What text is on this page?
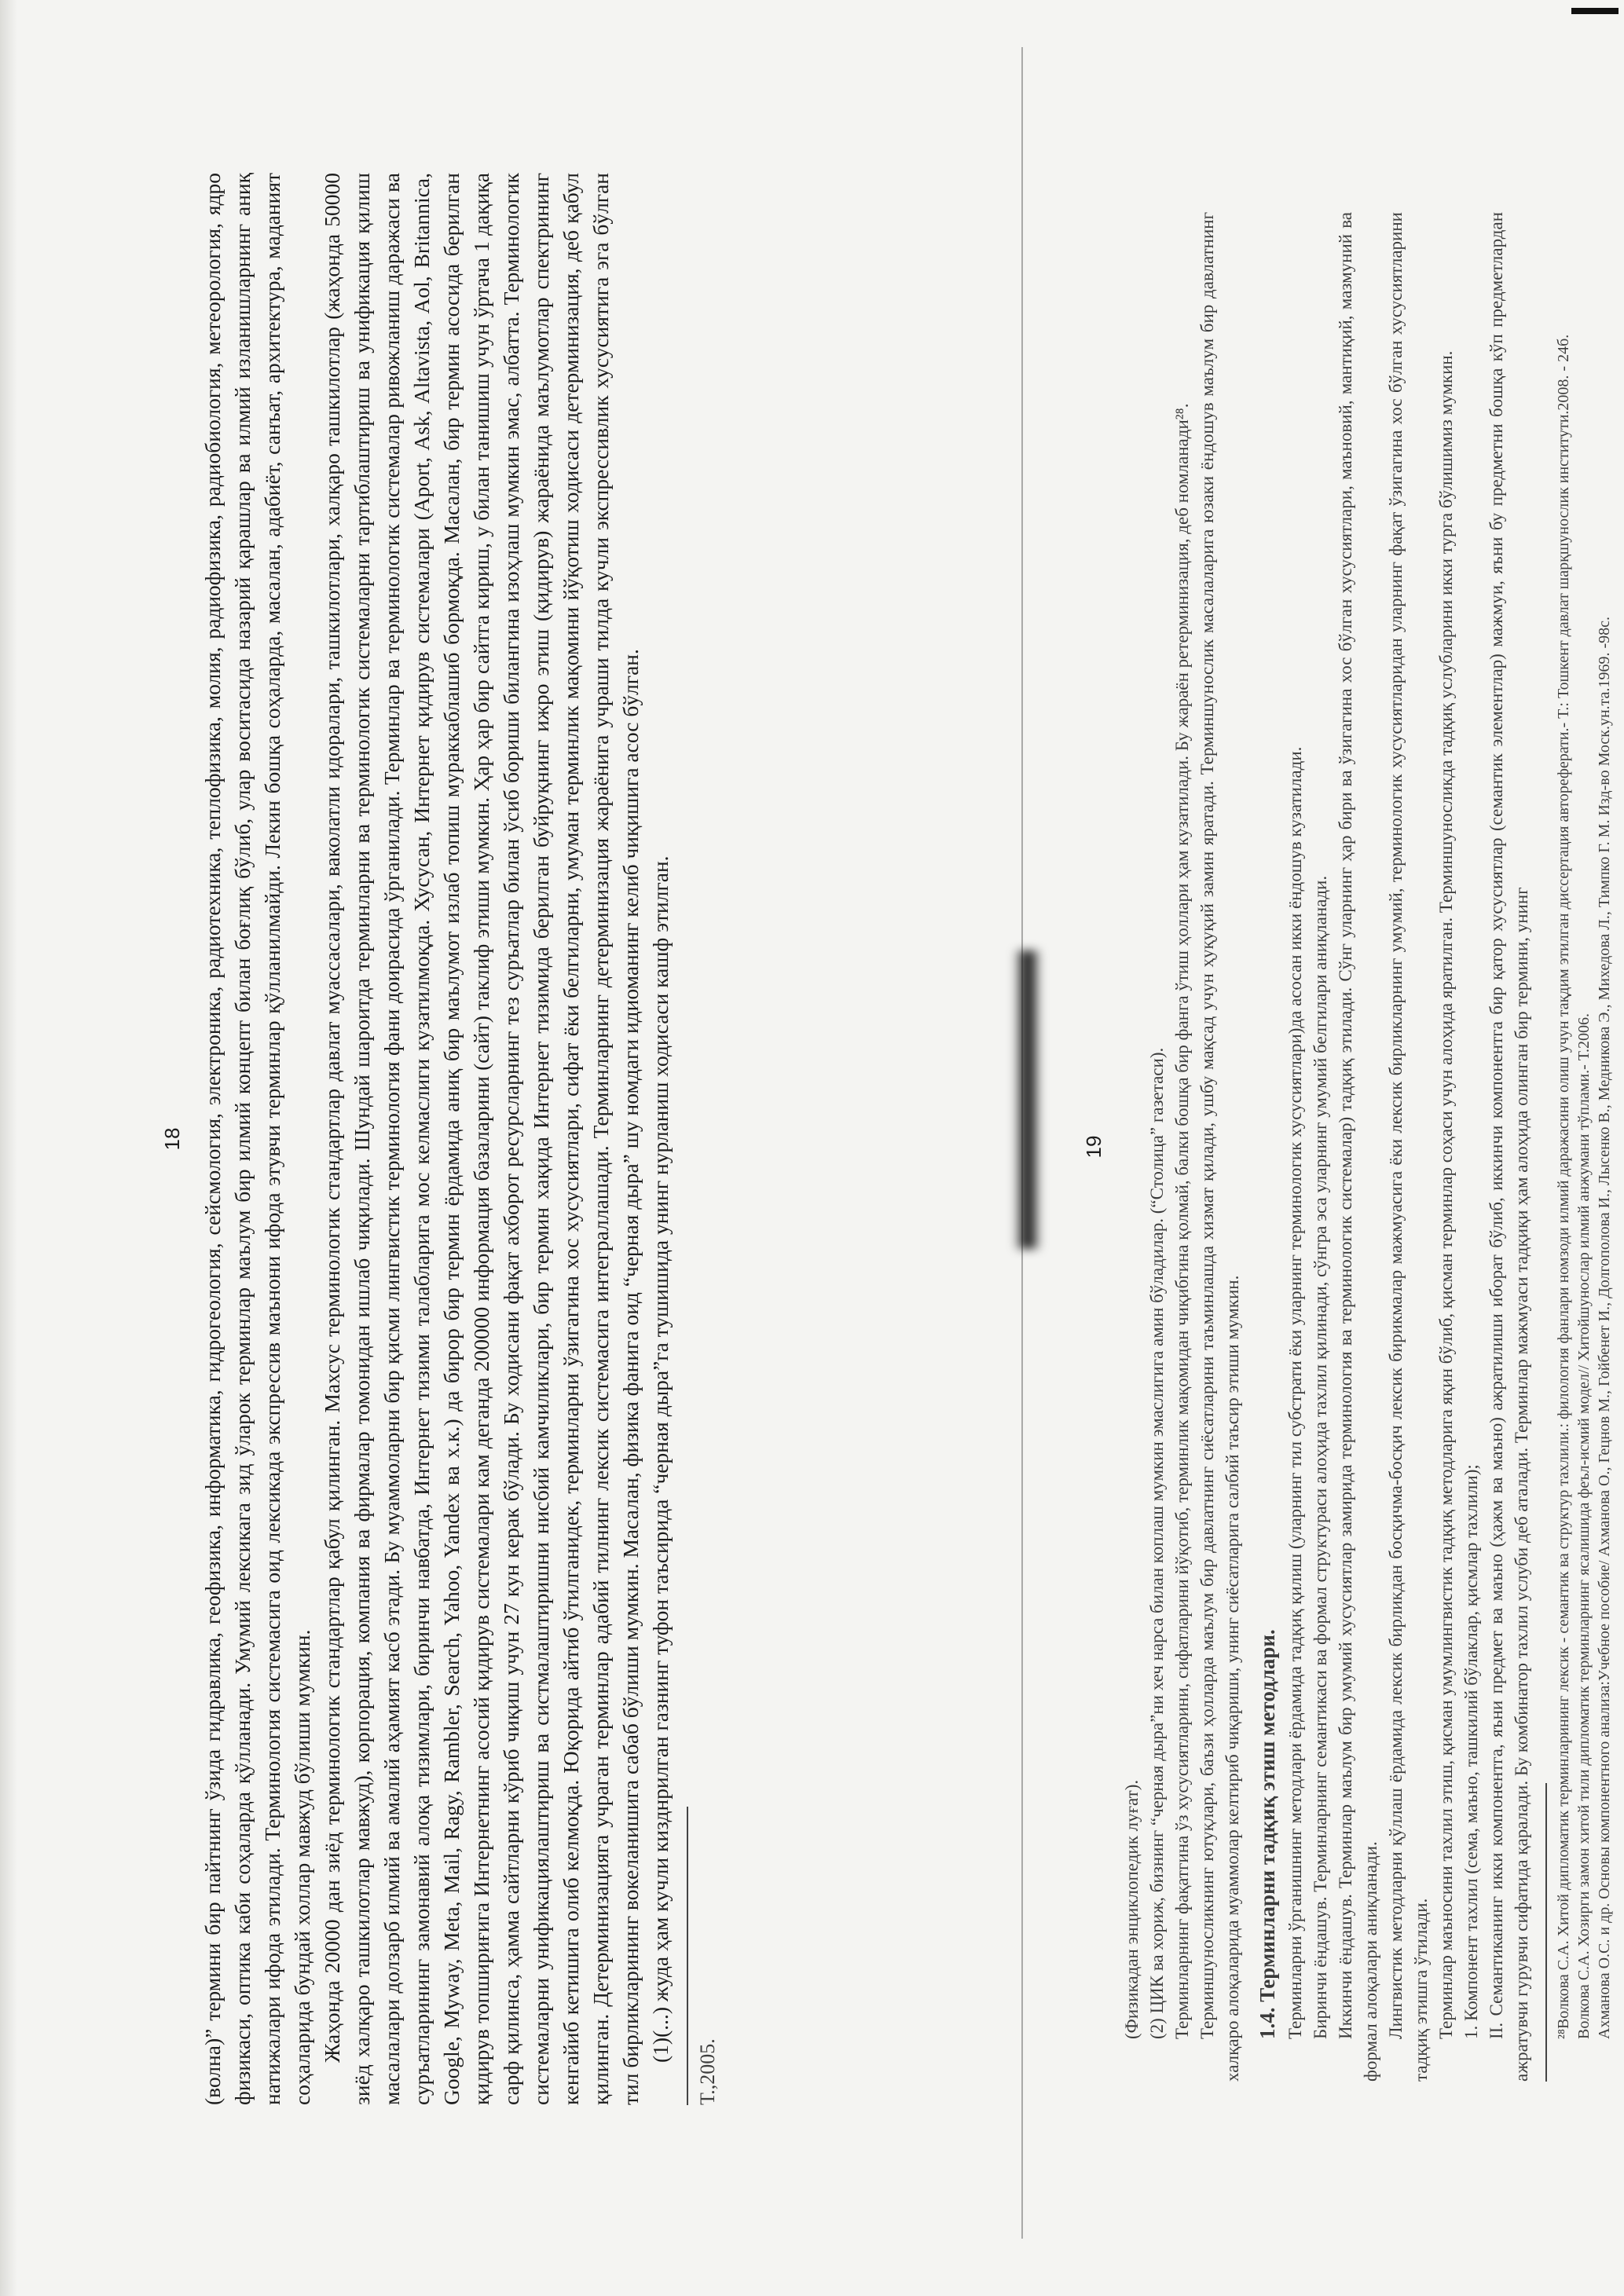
18 (волна)” термини бир пайтнинг ўзида гидравлика, геофизика, информатика, гидрогеология, сейсмология, электроника, радиотехника, теплофизика, молия, радиофизика, радиобиология, метеорология, ядро физикаси, оптика каби соҳаларда қўлланади. Умумий лексикага зид ўларок терминлар маълум бир илмий концепт билан боғлиқ бўлиб, улар воситасида назарий қарашлар ва илмий изланишларнинг аниқ натижалари ифода этилади. Терминология системасига оид лексикада экспрессив маънони ифода этувчи терминлар қўлланилмайди. Лекин бошқа соҳаларда, масалан, адабиёт, санъат, архитектура, маданият соҳаларида бундай холлар мавжуд бўлиши мумкин. Жаҳонда 20000 дан зиёд терминологик стандартлар қабул қилинган. Махсус терминологик стандартлар давлат муассасалари, ваколатли идоралари, ташкилотлари, халқаро ташкилотлар (жаҳонда 50000 зиёд халқаро ташкилотлар мавжуд), корпорация, компания ва фирмалар томонидан ишлаб чиқилади. Шундай шароитда терминларни ва терминологик системаларни тартиблаштириш ва унификация қилиш масалалари долзарб илмий ва амалий аҳамият касб этади. Бу муаммоларни бир қисми лингвистик терминология фани доирасида ўрганилади. Терминлар ва терминологик системалар ривожланиш даражаси ва суръатларининг замонавий алоқа тизимлари, биринчи навбатда, Интернет тизими талабларига мос келмаслиги кузатилмоқда. Хусусан, Интернет қидирув системалари (Aport, Ask, Altavista, Aol, Britannica, Google, Myway, Meta, Mail, Ragy, Rambler, Search, Yahoo, Yandex ва х.к.) да бирор бир термин ёрдамида аниқ бир маълумот излаб топиш мураккаблашиб бормоқда. Масалан, бир термин асосида берилган қидирув топшириғига Интернетнинг асосий қидирув системалари кам деганда 200000 информация базаларини (сайт) таклиф этиши мумкин. Ҳар ҳар бир сайтга кириш, у билан танишиш учун ўртача 1 дақиқа сарф қилинса, ҳамма сайтларни кўриб чиқиш учун 27 кун керак бўлади. Бу ходисани фақат ахборот ресурсларнинг тез суръатлар билан ўсиб бориши билангина изоҳлаш мумкин эмас, албатта. Терминологик системаларни унификациялаштириш ва систмалаштиришни нисбий камчиликлари, бир термин хақида Интернет тизимида берилган буйруқнинг ижро этиш (қидирув) жараёнида маълумотлар спектрининг кенгайиб кетишига олиб келмоқда. Юқорида айтиб ўтилганидек, терминларни ўзигагина хос хусусиятлари, сифат ёки белгиларни, умуман терминлик мақомини йўқотиш ходисаси детерминизация, деб қабул қилинган. Детерминизацияга учраган терминлар адабий тилнинг лексик системасига интеграллашади. Терминларнинг детерминизация жараёнига учраши тилда кучли экспрессивлик хусусиятига эга бўлган тил бирликларининг вокеланишига сабаб бўлиши мумкин. Масалан, физика фанига оид “черная дыра” шу номдаги идиоманинг келиб чиқишига асос бўлган. (1)(...) жуда ҳам кучли кизднрилган газнинг туфон таъсирида “черная дыра”га тушишида унинг нурланиш ходисаси кашф этилган.

Т.,2005.

19

(Физикадан энциклопедик луғат). (2) ЦИК ва хориж, бизнинг “черная дыра”ни хеч нарса билан коплаш мумкин эмаслигига амин бўладилар. (“Столица” газетаси). Терминларнинг фақатгина ўз хусусиятларини, сифатларини йўқотиб, терминлик мақомидан чиқибгина қолмай, балки бошқа бир фанга ўтиш ҳоллари ҳам кузатилади. Бу жараён ретерминизация, деб номланади²⁸. Терминшуносликнинг ютуқлари, баъзи ҳолларда маълум бир давлатнинг сиёсатларини таъминлашда хизмат қилади, ушбу мақсад учун ҳуқуқий замин яратади. Терминшунослик масалаларига юзаки ёндошув маълум бир давлатнинг халқаро алоқаларида муаммолар келтириб чиқариши, унинг сиёсатларига салбий таъсир этиши мумкин. 1.4. Терминларни тадқиқ этиш методлари. Терминларни ўрганишнинг методлари ёрдамида тадқиқ қилиш (уларнинг тил субстрати ёки уларнинг терминологик хусусиятлари)да асосан икки ёндошув кузатилади. Биринчи ёндашув. Терминларнинг семантикаси ва формал структураси алоҳида тахлил қилинади, сўнгра эса уларнинг умумий белгилари аниқланади. Иккинчи ёндашув. Терминлар маълум бир умумий хусусиятлар замирида терминология ва терминологик системалар) тадқиқ этилади. Сўнг уларнинг ҳар бири ва ўзигагина хос бўлган хусусиятлари, маъновий, мантиқий, мазмуний ва формал алоқалари аниқланади. Лингвистик методларни қўллаш ёрдамида лексик бирликдан босқичма-босқич лексик бирикмалар мажмуасига ёки лексик бирликларнинг умумий, терминологик хусусиятларидан уларнинг фақат ўзигагина хос бўлган хусусиятларини тадқиқ этишга ўтилади. Терминлар маъносини тахлил этиш, қисман умумлингвистик тадқиқ методларига яқин бўлиб, қисман терминлар соҳаси учун алоҳида яратилган. Терминшуносликда тадқиқ услубларини икки турга бўлишимиз мумкин. 1. Компонент тахлил (сема, маъно, ташкилий бўлаклар, қисмлар тахлили); II. Семантиканинг икки компонентга, яъни предмет ва маъно (ҳажм ва маъно) ажратилиши иборат бўлиб, иккинчи компонентга бир қатор хусусиятлар (семантик элементлар) мажмуи, яъни бу предметни бошқа кўп предметлардан ажратувчи гурувчи сифатида қаралади. Бу комбинатор тахлил услуби деб аталади. Терминлар мажмуаси тадқиқи ҳам алоҳида олинган бир термини, унинг ²⁸Волкова С.А. Хитой дипломатик терминларининг лексик - семантик ва структур тахлили.: филология фанлари номзоди илмий даражасини олиш учун тақдим этилган диссертация автореферати.- Т.: Тошкент давлат шарқшунослик институти.2008. - 24б. Волкова С.А. Хозирги замон хитой тили дипломатик терминларнинг ясалишида феъл-исмий модел// Хитойшунослар илмий анжумани тўплами.- Т.2006. Ахманова О.С. и др. Основы компонентного анализа:Учебное пособие/ Ахманова О., Гецнов М., Гойбенет И., Долгополова И., Лысенко В., Медникова Э., Михедова Л., Тимпко Г. М. Изд-во Моск.ун.та.1969. -98с.
